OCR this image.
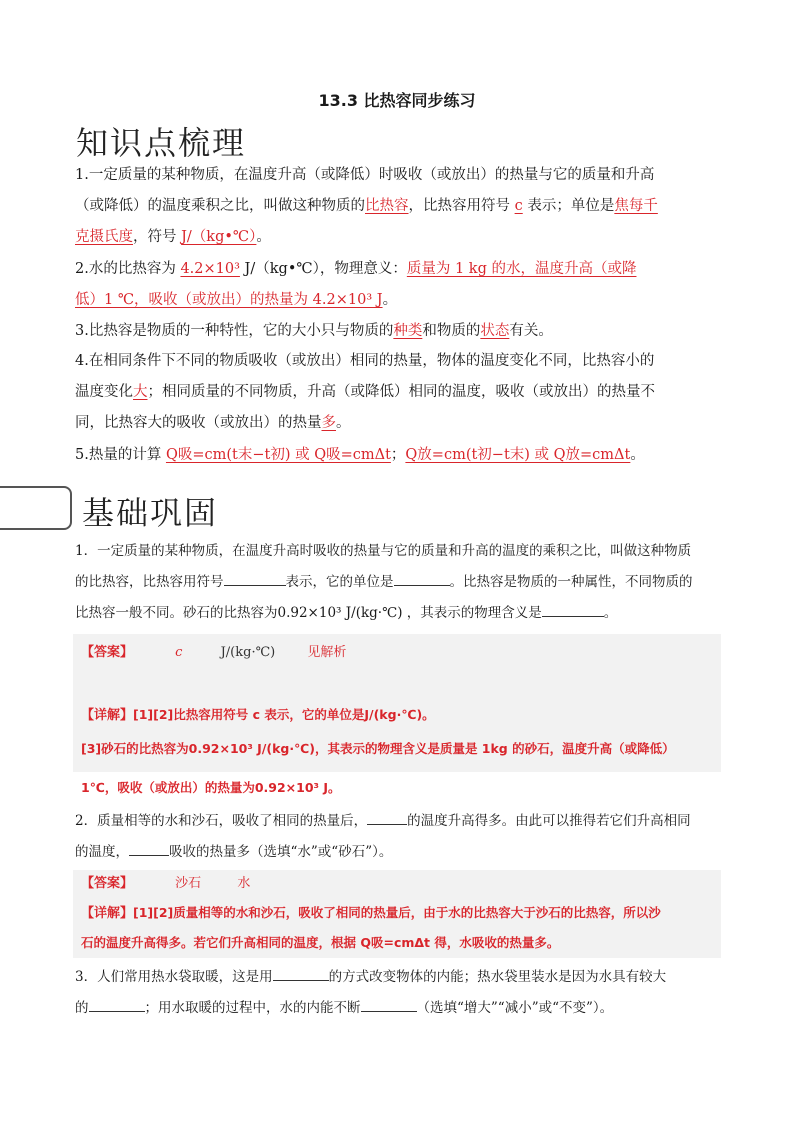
13.3 比热容同步练习
知识点梳理
1.一定质量的某种物质，在温度升高（或降低）时吸收（或放出）的热量与它的质量和升高
（或降低）的温度乘积之比，叫做这种物质的比热容，比热容用符号 c 表示；单位是焦每千
克摄氏度，符号 J/（kg•℃）。
2.水的比热容为 4.2×10³ J/（kg•℃），物理意义：质量为 1 kg 的水，温度升高（或降
低）1 ℃，吸收（或放出）的热量为 4.2×10³ J。
3.比热容是物质的一种特性，它的大小只与物质的种类和物质的状态有关。
4.在相同条件下不同的物质吸收（或放出）相同的热量，物体的温度变化不同，比热容小的
温度变化大；相同质量的不同物质，升高（或降低）相同的温度，吸收（或放出）的热量不
同，比热容大的吸收（或放出）的热量多。
5.热量的计算 Q吸=cm(t末−t初) 或 Q吸=cmΔt；Q放=cm(t初−t末) 或 Q放=cmΔt。
基础巩固
1．一定质量的某种物质，在温度升高时吸收的热量与它的质量和升高的温度的乘积之比，叫做这种物质
的比热容，比热容用符号	表示，它的单位是	。比热容是物质的一种属性，不同物质的
比热容一般不同。砂石的比热容为0.92×10³ J/(kg·℃) ，其表示的物理含义是	。
【答案】	c	J/(kg·℃) 见解析
【详解】[1][2]比热容用符号 c 表示，它的单位是J/(kg·℃)。
[3]砂石的比热容为0.92×10³ J/(kg·℃)，其表示的物理含义是质量是 1kg 的砂石，温度升高（或降低）
1℃，吸收（或放出）的热量为0.92×10³ J。
2．质量相等的水和沙石，吸收了相同的热量后，	的温度升高得多。由此可以推得若它们升高相同
的温度，	吸收的热量多（选填“水”或“砂石”）。
【答案】	沙石	水
【详解】[1][2]质量相等的水和沙石，吸收了相同的热量后，由于水的比热容大于沙石的比热容，所以沙
石的温度升高得多。若它们升高相同的温度，根据 Q吸=cmΔt 得，水吸收的热量多。
3．人们常用热水袋取暖，这是用	的方式改变物体的内能；热水袋里装水是因为水具有较大
的	；用水取暖的过程中，水的内能不断	（选填“增大”“减小”或“不变”）。
